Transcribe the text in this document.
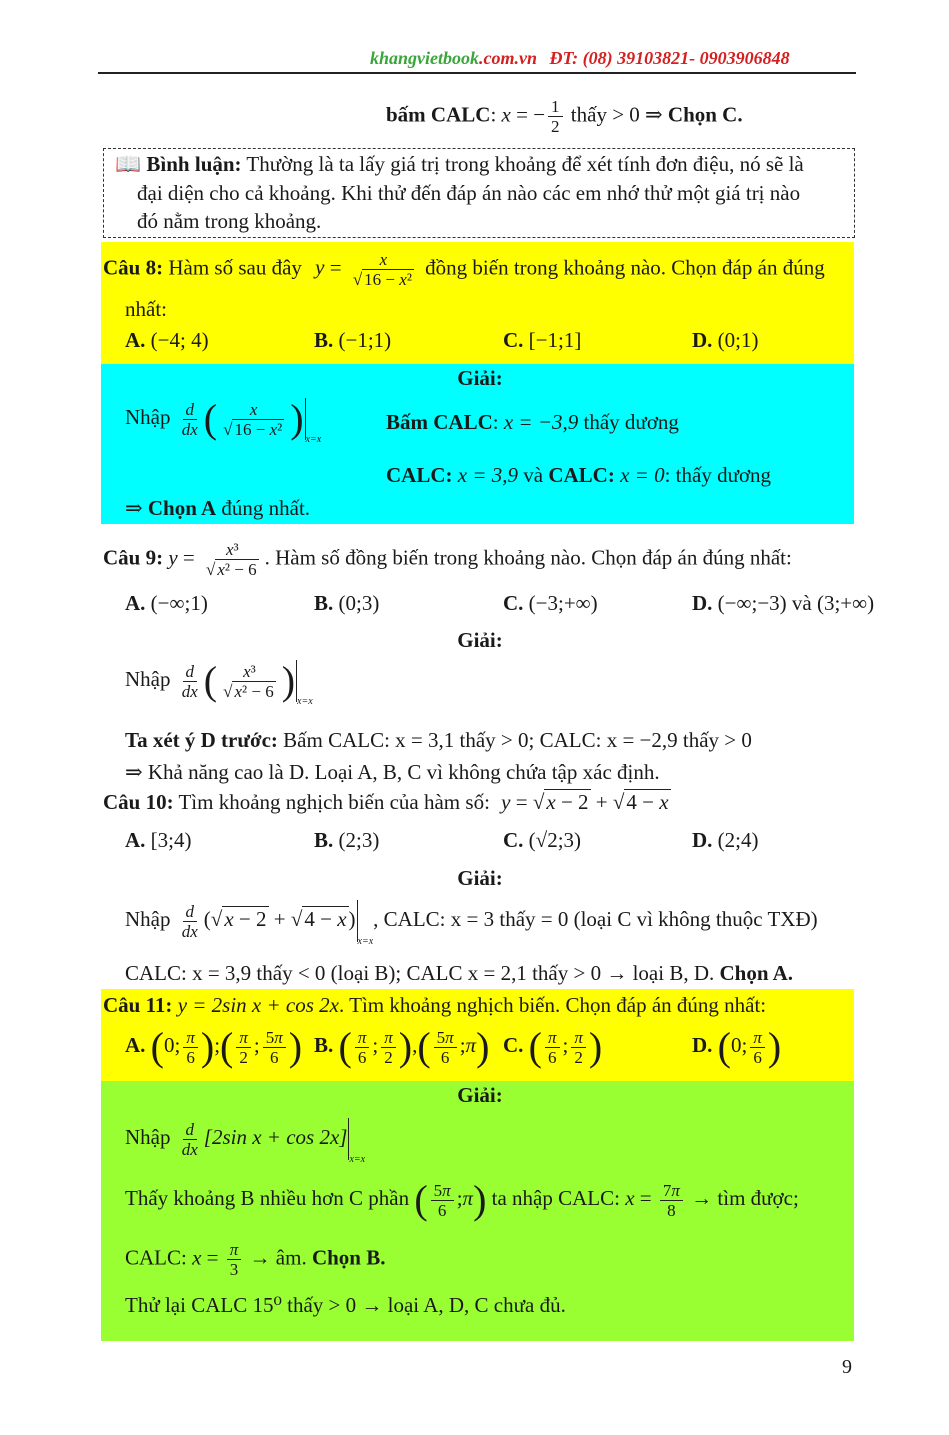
khangvietbook.com.vn ĐT: (08) 39103821- 0903906848
bấm CALC: x = − $\frac{1}{2}$ thấy > 0 ⇒ Chọn C.
📖 Bình luận: Thường là ta lấy giá trị trong khoảng để xét tính đơn điệu, nó sẽ là
đại diện cho cả khoảng. Khi thử đến đáp án nào các em nhớ thử một giá trị nào
đó nằm trong khoảng.
Câu 8: Hàm số sau đây $y = \frac{x}{\text{√ 16 − x²}}$ đồng biến trong khoảng nào. Chọn đáp án đúng
nhất:
A. (−4; 4)	B. (−1;1)	C. [−1;1]	D. (0;1)
Giải:
Nhập $\frac{d}{dx}$ ( $\frac{x}{\text{√ 16 − x²}}$ ) $_{x=x}$
Bấm CALC: x = −3,9 thấy dương
CALC: x = 3,9 và CALC: x = 0: thấy dương
⇒ Chọn A đúng nhất.
Câu 9: $y = \frac{\text{x³}}{\text{√ x² − 6}}$ . Hàm số đồng biến trong khoảng nào. Chọn đáp án đúng nhất:
A. (−∞;1)	B. (0;3)	C. (−3;+∞)	D. (−∞;−3) và (3;+∞)
Giải:
Nhập $\frac{d}{dx}$ ( $\frac{\text{x³}}{\text{√ x² − 6}}$ ) $_{x=x}$
Ta xét ý D trước: Bấm CALC: x = 3,1 thấy > 0; CALC: x = −2,9 thấy > 0
⇒ Khả năng cao là D. Loại A, B, C vì không chứa tập xác định.
Câu 10: Tìm khoảng nghịch biến của hàm số: y = √x − 2 + √4 − x
A. [3;4)	B. (2;3)	C. (√2;3)	D. (2;4)
Giải:
Nhập $\frac{d}{dx} (√x - 2 + √4 - x)_{x=x}$, CALC: x = 3 thấy = 0 (loại C vì không thuộc TXĐ)
CALC: x = 3,9 thấy < 0 (loại B); CALC x = 2,1 thấy > 0 → loại B, D. Chọn A.
Câu 11: y = 2sin x + cos 2x. Tìm khoảng nghịch biến. Chọn đáp án đúng nhất:
A. (0; $\frac{\pi}{6}$ );( $\frac{\pi}{2}$ ; $\frac{5\pi}{6}$ ) B. ( $\frac{\pi}{6}$ ; $\frac{\pi}{2}$ ),( $\frac{5\pi}{6}$ ;π) C. ( $\frac{\pi}{6}$ ; $\frac{\pi}{2}$ )	D. (0; $\frac{\pi}{6}$ )
Giải:
Nhập $\frac{d}{dx} [2\sin$ $x + \cos 2x]_{x=x}$
Thấy khoảng B nhiều hơn C phần ( $\frac{5\pi}{6}$ ;π) ta nhập CALC: $x = \frac{7\pi}{8}$ → tìm được;
CALC: $x = \frac{\pi}{3}$ → âm. Chọn B.
Thử lại CALC 15⁰ thấy > 0 → loại A, D, C chưa đủ.
9
